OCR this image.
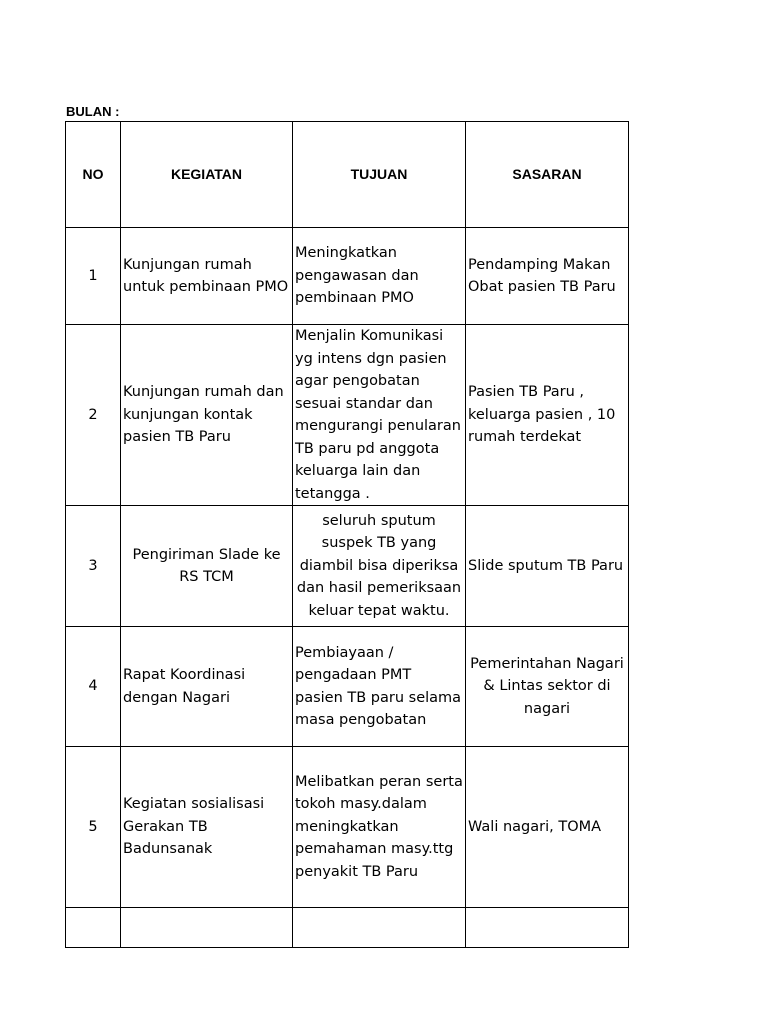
BULAN :
NO	KEGIATAN	TUJUAN	SASARAN
1	Kunjungan rumah untuk pembinaan PMO	Meningkatkan pengawasan dan pembinaan PMO	Pendamping Makan Obat pasien TB Paru
2	Kunjungan rumah dan kunjungan kontak pasien TB Paru	Menjalin Komunikasi yg intens dgn pasien agar pengobatan sesuai standar dan mengurangi penularan TB paru pd anggota keluarga lain dan tetangga .	Pasien TB Paru , keluarga pasien , 10 rumah terdekat
3	Pengiriman Slade ke RS TCM	seluruh sputum suspek TB yang diambil bisa diperiksa dan hasil pemeriksaan keluar tepat waktu.	Slide sputum TB Paru
4	Rapat Koordinasi dengan Nagari	Pembiayaan / pengadaan PMT pasien TB paru selama masa pengobatan	Pemerintahan Nagari & Lintas sektor di nagari
5	Kegiatan sosialisasi Gerakan TB Badunsanak	Melibatkan peran serta tokoh masy.dalam meningkatkan pemahaman masy.ttg penyakit TB Paru	Wali nagari, TOMA
